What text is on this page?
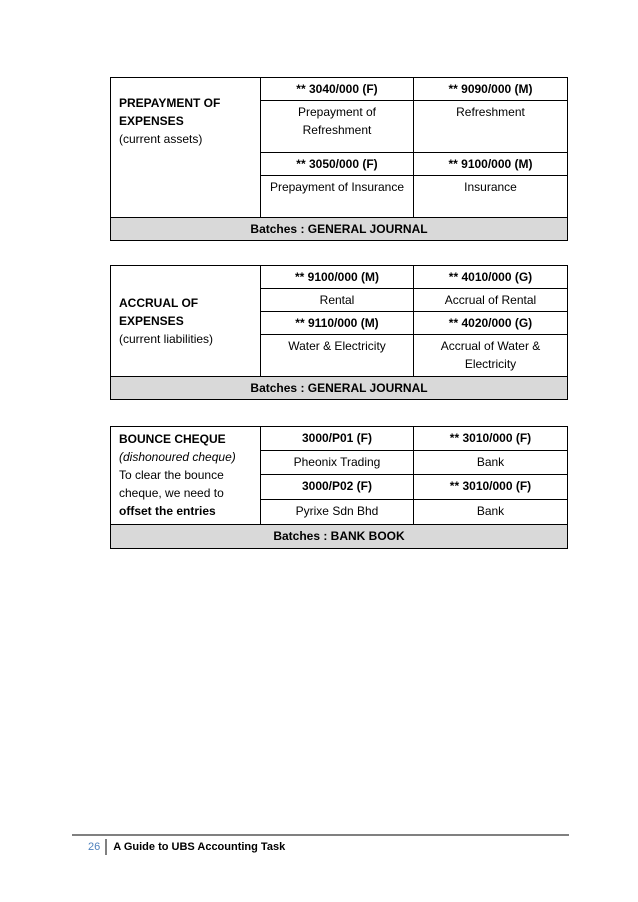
PREPAYMENT OF EXPENSES
(current assets)	** 3040/000 (F)	** 9090/000 (M)
	Prepayment of Refreshment	Refreshment
	** 3050/000 (F)	** 9100/000 (M)
	Prepayment of Insurance	Insurance
Batches : GENERAL JOURNAL		
ACCRUAL OF EXPENSES
(current liabilities)	** 9100/000 (M)	** 4010/000 (G)
	Rental	Accrual of Rental
	** 9110/000 (M)	** 4020/000 (G)
	Water & Electricity	Accrual of Water & Electricity
Batches : GENERAL JOURNAL		
BOUNCE CHEQUE
(dishonoured cheque)
To clear the bounce cheque, we need to
offset the entries	3000/P01 (F)	** 3010/000 (F)
	Pheonix Trading	Bank
	3000/P02 (F)	** 3010/000 (F)
	Pyrixe Sdn Bhd	Bank
Batches : BANK BOOK		
26	A Guide to UBS Accounting Task
